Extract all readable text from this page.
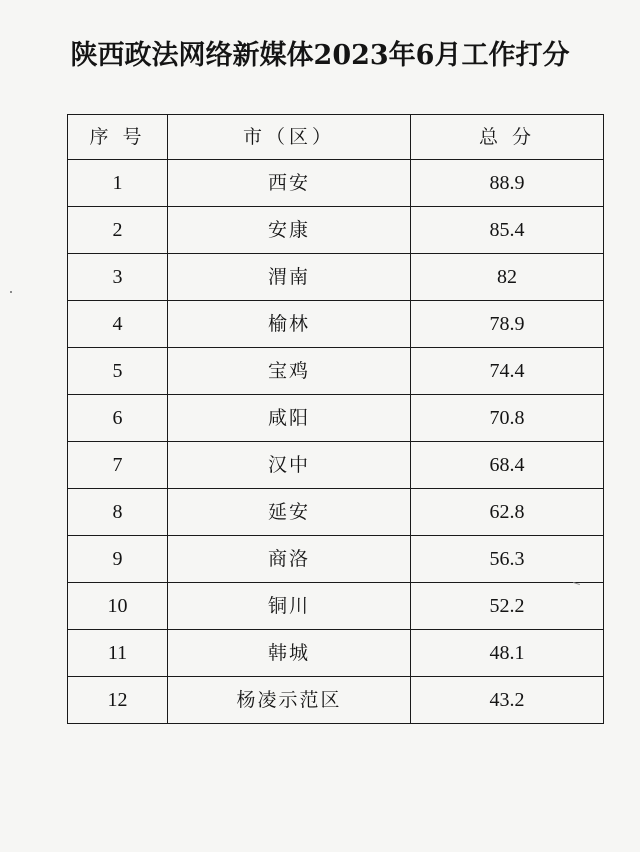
陕西政法网络新媒体2023年6月工作打分
序 号	市（区）	总 分
1	西安	88.9
2	安康	85.4
3	渭南	82
4	榆林	78.9
5	宝鸡	74.4
6	咸阳	70.8
7	汉中	68.4
8	延安	62.8
9	商洛	56.3
10	铜川	52.2
11	韩城	48.1
12	杨凌示范区	43.2
